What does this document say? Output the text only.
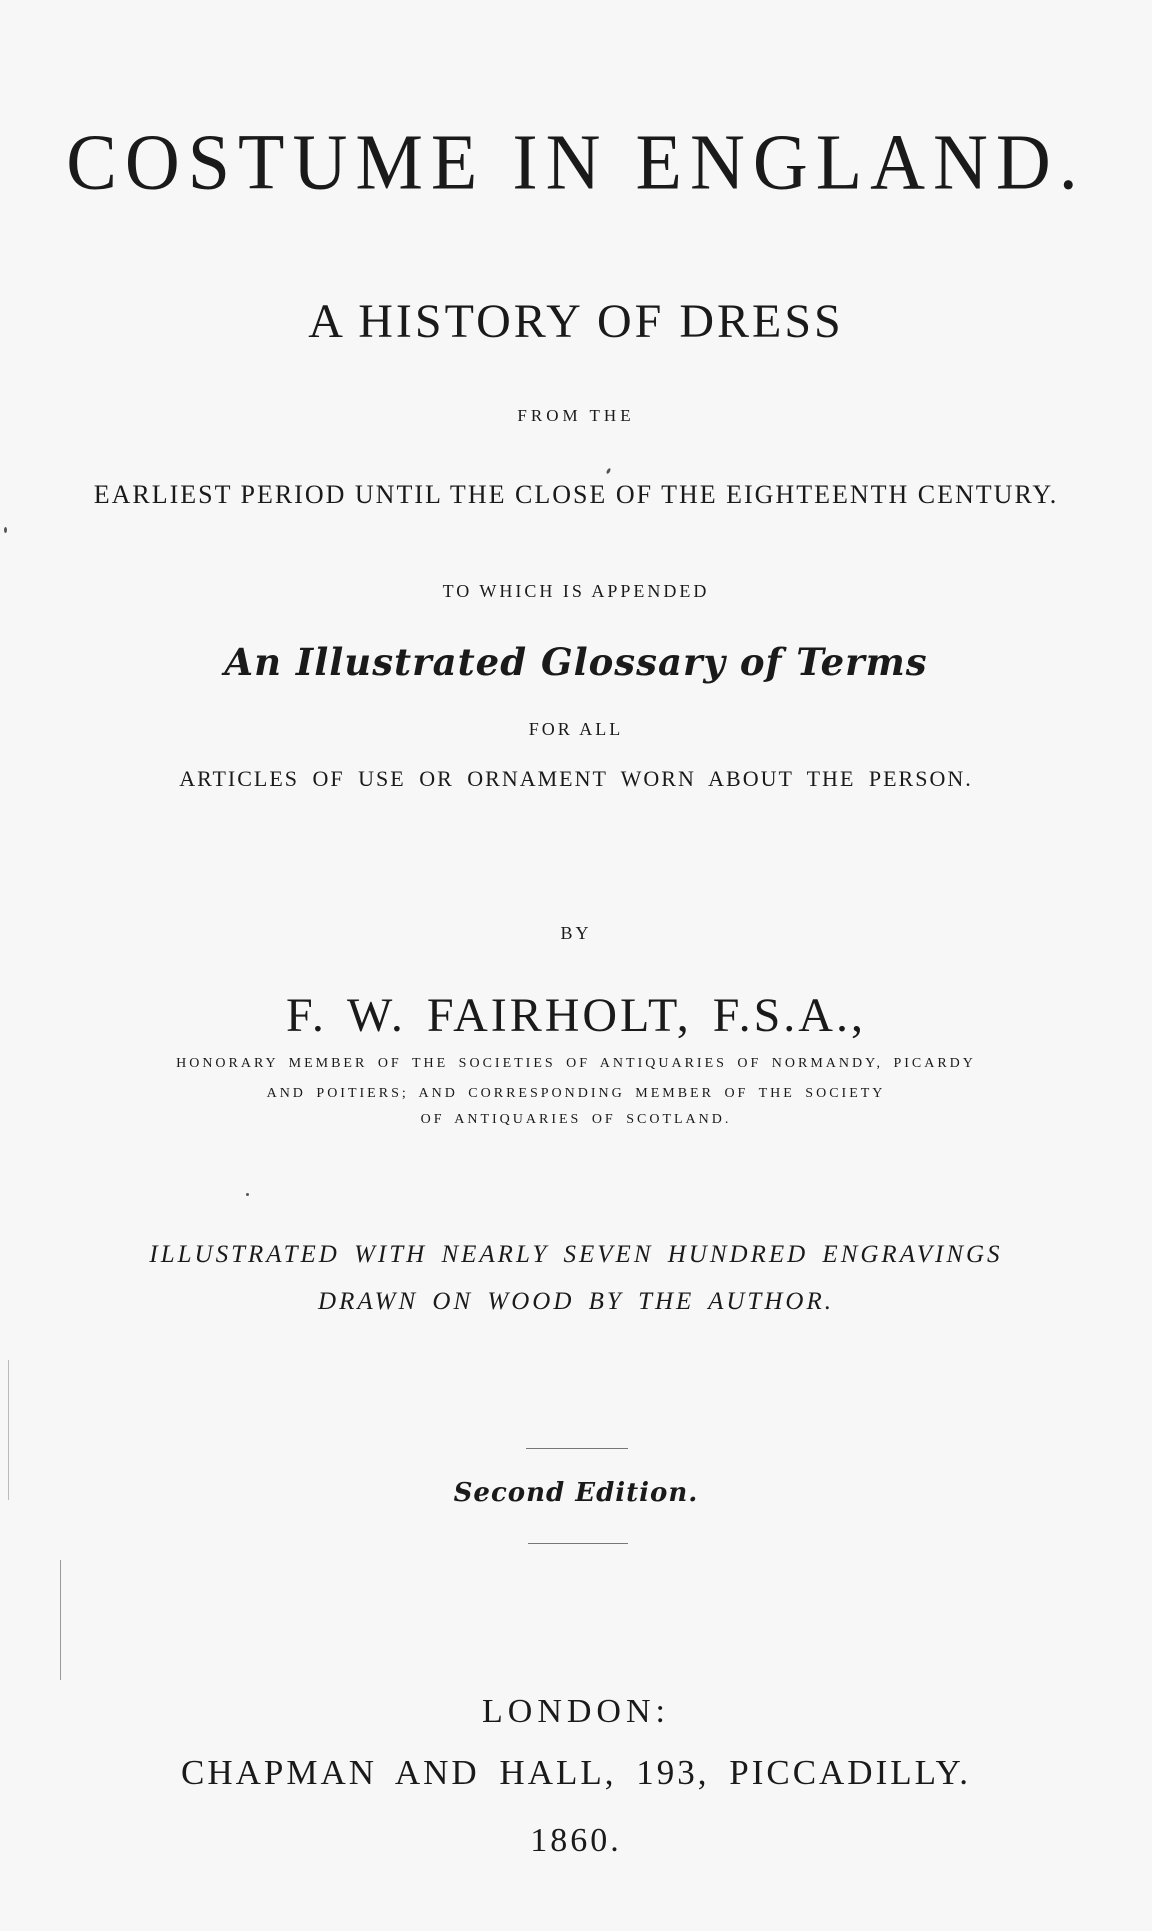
COSTUME IN ENGLAND.
A HISTORY OF DRESS
FROM THE
EARLIEST PERIOD UNTIL THE CLOSE OF THE EIGHTEENTH CENTURY.
TO WHICH IS APPENDED
An Illustrated Glossary of Terms
FOR ALL
ARTICLES OF USE OR ORNAMENT WORN ABOUT THE PERSON.
BY
F. W. FAIRHOLT, F.S.A.,
HONORARY MEMBER OF THE SOCIETIES OF ANTIQUARIES OF NORMANDY, PICARDY
AND POITIERS; AND CORRESPONDING MEMBER OF THE SOCIETY
OF ANTIQUARIES OF SCOTLAND.
ILLUSTRATED WITH NEARLY SEVEN HUNDRED ENGRAVINGS
DRAWN ON WOOD BY THE AUTHOR.
Second Edition.
LONDON:
CHAPMAN AND HALL, 193, PICCADILLY.
1860.
